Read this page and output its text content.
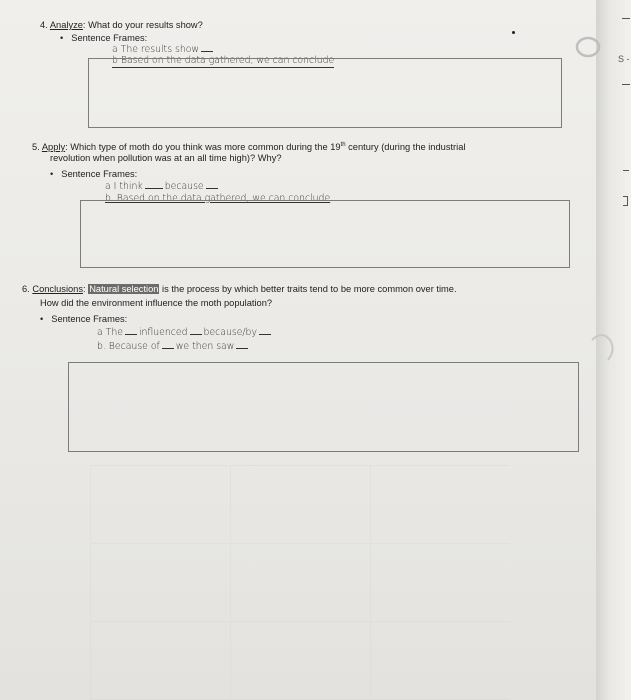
S -
4. Analyze: What do your results show?
• Sentence Frames:
a The results show
b Based on the data gathered, we can conclude
5. Apply: Which type of moth do you think was more common during the 19th century (during the industrial
revolution when pollution was at an all time high)? Why?
• Sentence Frames:
a I think because
b. Based on the data gathered, we can conclude
6. Conclusions: Natural selection is the process by which better traits tend to be more common over time.
How did the environment influence the moth population?
• Sentence Frames:
a The influenced because/by
b. Because of we then saw
